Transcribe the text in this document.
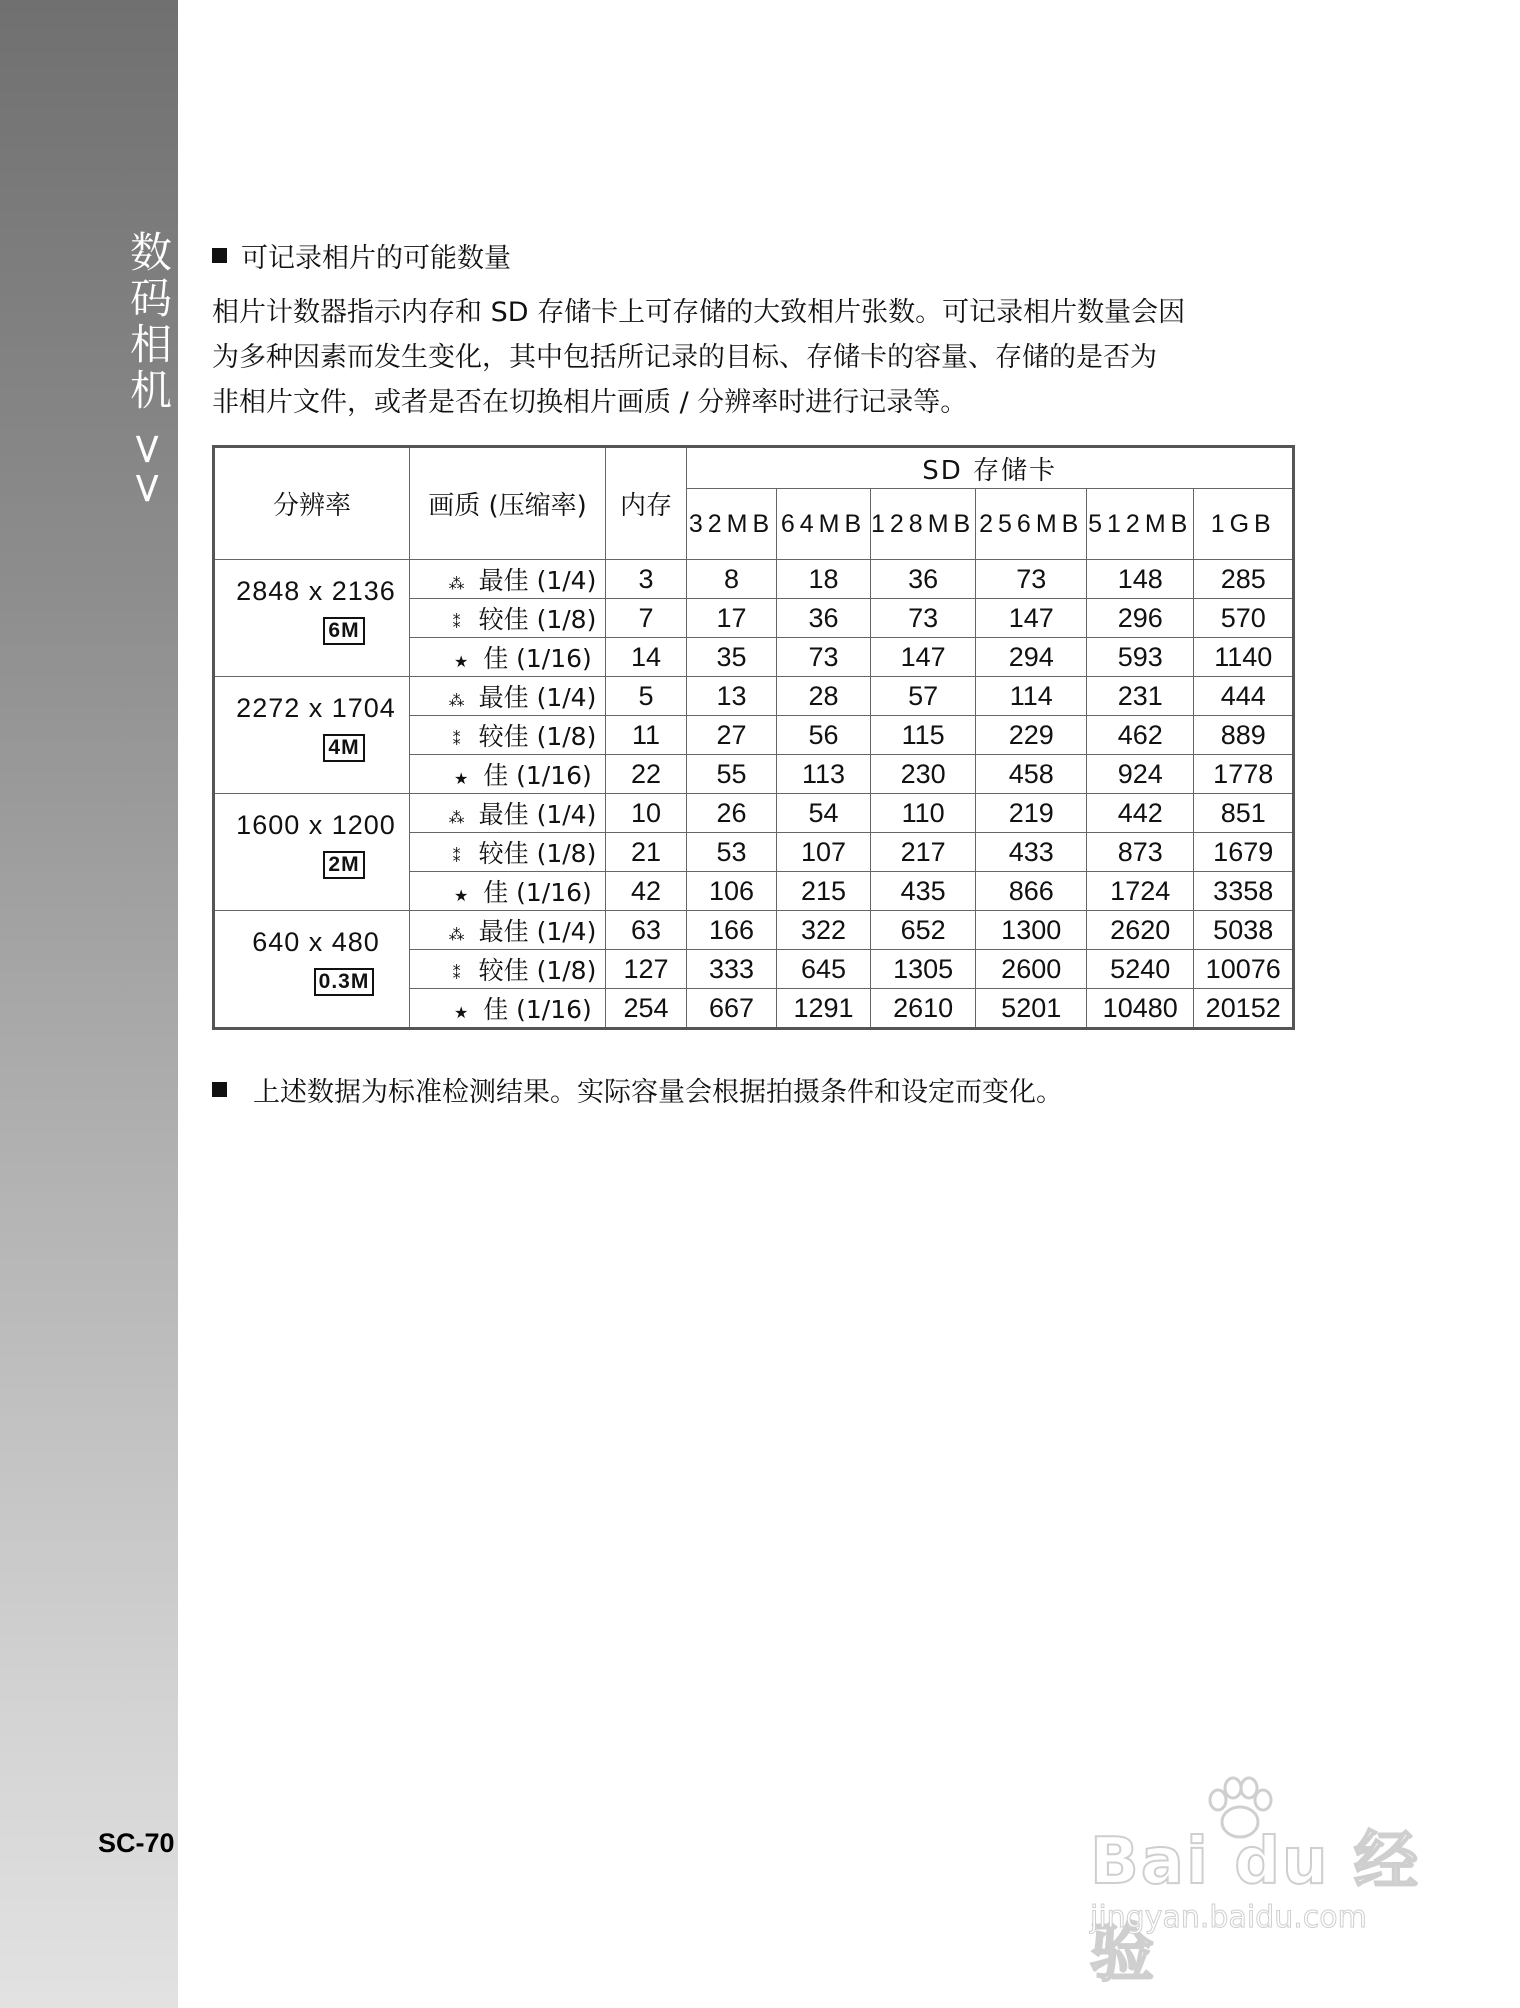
数码相机 >>
SC-70
可记录相片的可能数量

相片计数器指示内存和 SD 存储卡上可存储的大致相片张数。可记录相片数量会因
为多种因素而发生变化，其中包括所记录的目标、存储卡的容量、存储的是否为
非相片文件，或者是否在切换相片画质 / 分辨率时进行记录等。

分辨率	画质 (压缩率)	内存	SD 存储卡					
			32MB	64MB	128MB	256MB	512MB	1GB

2848 x 2136
6M	⁂ 最佳 (1/4)	3	8	18	36	73	148	285
	⁑ 较佳 (1/8)	7	17	36	73	147	296	570
	★ 佳 (1/16)	14	35	73	147	294	593	1140

2272 x 1704
4M	⁂ 最佳 (1/4)	5	13	28	57	114	231	444
	⁑ 较佳 (1/8)	11	27	56	115	229	462	889
	★ 佳 (1/16)	22	55	113	230	458	924	1778

1600 x 1200
2M	⁂ 最佳 (1/4)	10	26	54	110	219	442	851
	⁑ 较佳 (1/8)	21	53	107	217	433	873	1679
	★ 佳 (1/16)	42	106	215	435	866	1724	3358

640 x 480
0.3M	⁂ 最佳 (1/4)	63	166	322	652	1300	2620	5038
	⁑ 较佳 (1/8)	127	333	645	1305	2600	5240	10076
	★ 佳 (1/16)	254	667	1291	2610	5201	10480	20152
上述数据为标准检测结果。实际容量会根据拍摄条件和设定而变化。
Bai du 经验
jingyan.baidu.com
